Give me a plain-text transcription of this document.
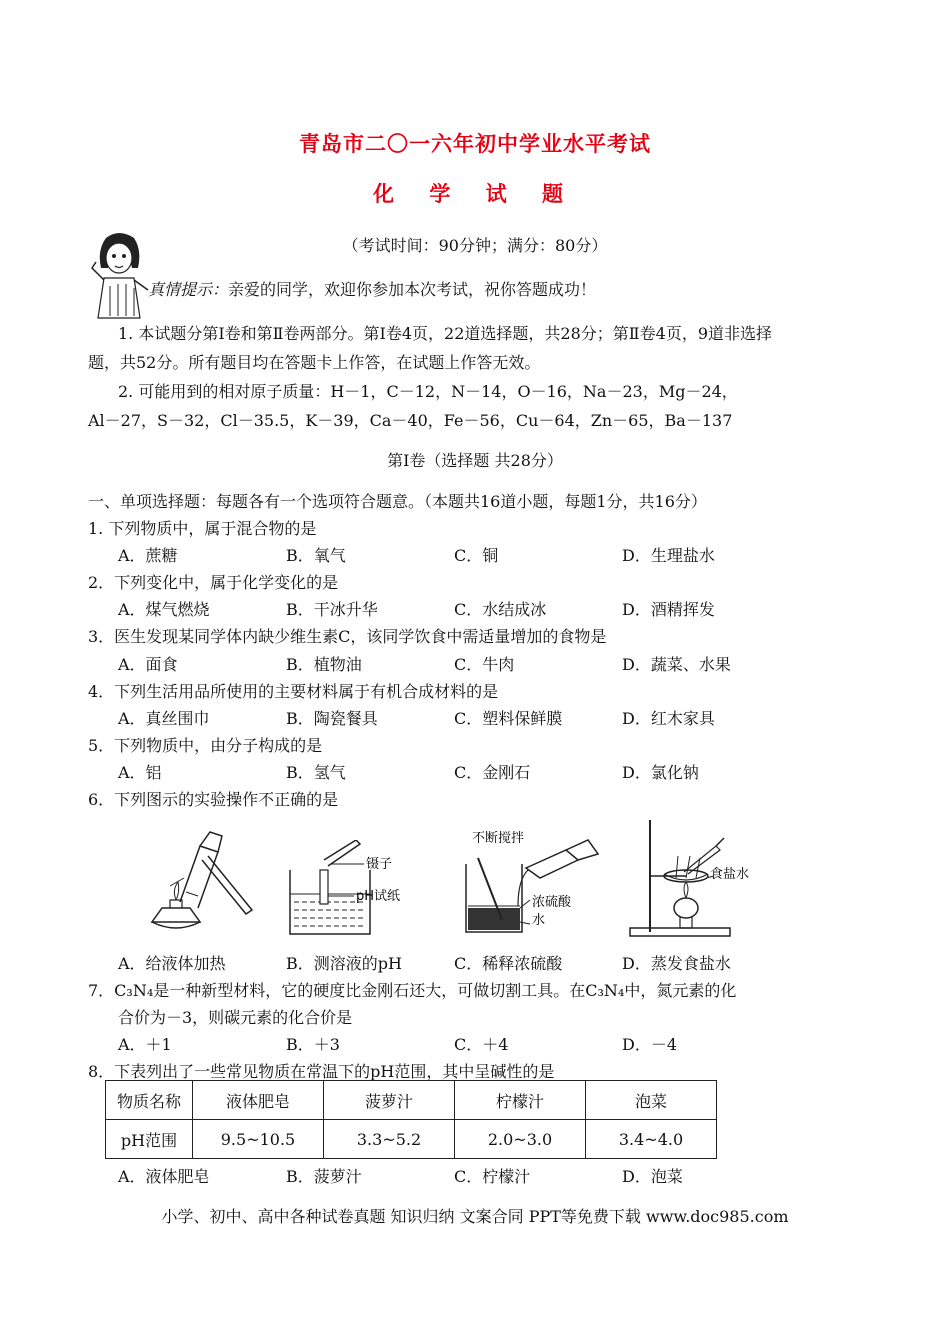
青岛市二〇一六年初中学业水平考试
化 学 试 题
（考试时间：90分钟；满分：80分）
真情提示：亲爱的同学，欢迎你参加本次考试，祝你答题成功！
1. 本试题分第Ⅰ卷和第Ⅱ卷两部分。第Ⅰ卷4页，22道选择题，共28分；第Ⅱ卷4页，9道非选择
题，共52分。所有题目均在答题卡上作答，在试题上作答无效。
2. 可能用到的相对原子质量：H－1，C－12，N－14，O－16，Na－23，Mg－24，
Al－27，S－32，Cl－35.5，K－39，Ca－40，Fe－56，Cu－64，Zn－65，Ba－137
第Ⅰ卷（选择题 共28分）
一、单项选择题：每题各有一个选项符合题意。（本题共16道小题，每题1分，共16分）
1. 下列物质中，属于混合物的是
A．蔗糖	B．氧气	C．铜	D．生理盐水
2．下列变化中，属于化学变化的是
A．煤气燃烧	B．干冰升华	C．水结成冰	D．酒精挥发
3．医生发现某同学体内缺少维生素C，该同学饮食中需适量增加的食物是
A．面食	B．植物油	C．牛肉	D．蔬菜、水果
4．下列生活用品所使用的主要材料属于有机合成材料的是
A．真丝围巾	B．陶瓷餐具	C．塑料保鲜膜	D．红木家具
5．下列物质中，由分子构成的是
A．铝	B．氢气	C．金刚石	D．氯化钠
6．下列图示的实验操作不正确的是
镊子
pH试纸
不断搅拌
浓硫酸
水
食盐水
A．给液体加热	B．测溶液的pH	C．稀释浓硫酸	D．蒸发食盐水
7．C₃N₄是一种新型材料，它的硬度比金刚石还大，可做切割工具。在C₃N₄中，氮元素的化
合价为－3，则碳元素的化合价是
A．＋1	B．＋3	C．＋4	D．－4
8．下表列出了一些常见物质在常温下的pH范围，其中呈碱性的是
物质名称	液体肥皂	菠萝汁	柠檬汁	泡菜
pH范围	9.5~10.5	3.3~5.2	2.0~3.0	3.4~4.0
A．液体肥皂	B．菠萝汁	C．柠檬汁	D．泡菜
小学、初中、高中各种试卷真题 知识归纳 文案合同 PPT等免费下载 www.doc985.com
